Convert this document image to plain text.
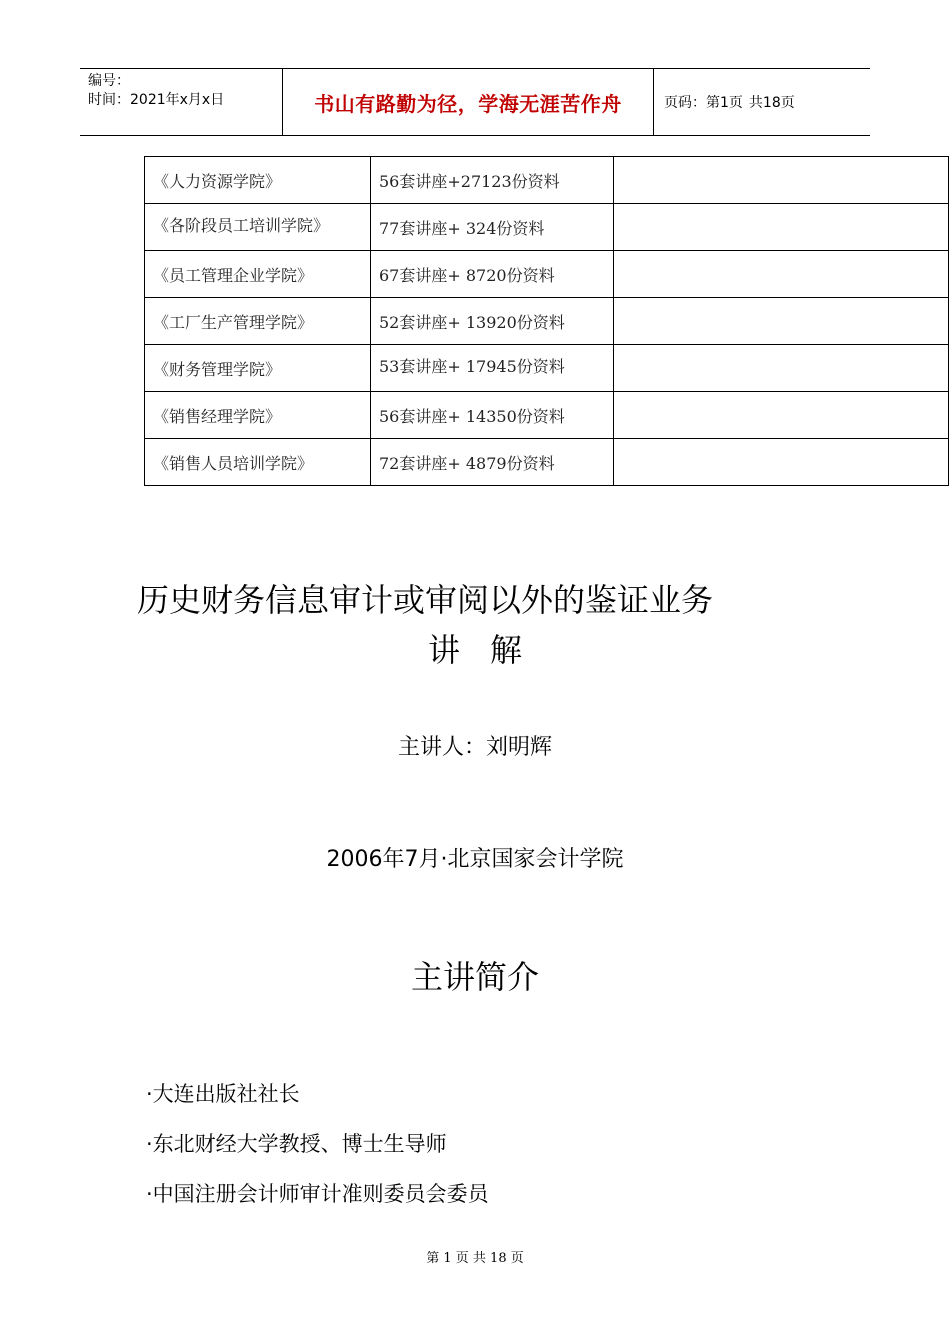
编号：
时间：2021年x月x日	书山有路勤为径，学海无涯苦作舟	页码：第1页 共18页
《人力资源学院》	56套讲座+27123份资料	
《各阶段员工培训学院》	77套讲座+ 324份资料	
《员工管理企业学院》	67套讲座+ 8720份资料	
《工厂生产管理学院》	52套讲座+ 13920份资料	
《财务管理学院》	53套讲座+ 17945份资料	
《销售经理学院》	56套讲座+ 14350份资料	
《销售人员培训学院》	72套讲座+ 4879份资料	
历史财务信息审计或审阅以外的鉴证业务
讲解
主讲人：刘明辉
2006年7月·北京国家会计学院
主讲简介
·大连出版社社长
·东北财经大学教授、博士生导师
·中国注册会计师审计准则委员会委员
第 1 页 共 18 页
